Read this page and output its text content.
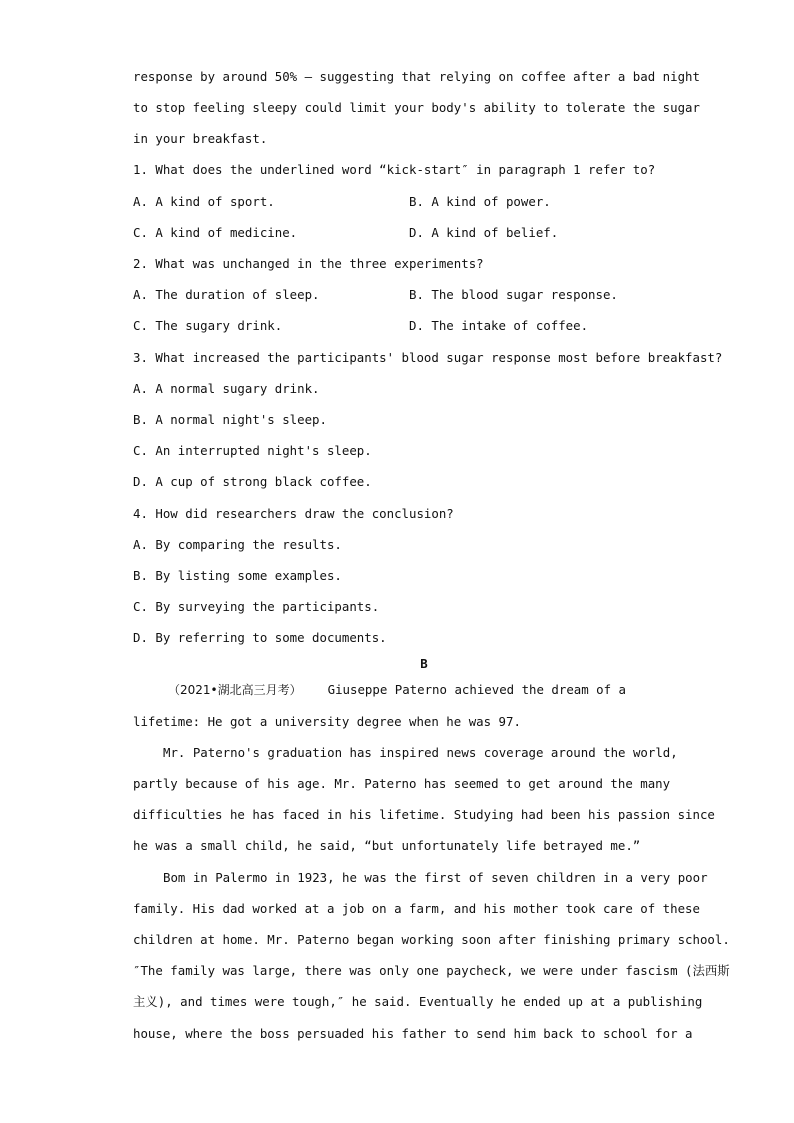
response by around 50% — suggesting that relying on coffee after a bad night
to stop feeling sleepy could limit your body's ability to tolerate the sugar
in your breakfast.
1. What does the underlined word “kick-start″ in paragraph 1 refer to?
A. A kind of sport.	B. A kind of power.
C. A kind of medicine.	D. A kind of belief.
2. What was unchanged in the three experiments?
A. The duration of sleep.	B. The blood sugar response.
C. The sugary drink.	D. The intake of coffee.
3. What increased the participants' blood sugar response most before breakfast?
A. A normal sugary drink.
B. A normal night's sleep.
C. An interrupted night's sleep.
D. A cup of strong black coffee.
4. How did researchers draw the conclusion?
A. By comparing the results.
B. By listing some examples.
C. By surveying the participants.
D. By referring to some documents.
B
（2021•湖北高三月考） Giuseppe Paterno achieved the dream of a
lifetime: He got a university degree when he was 97.
Mr. Paterno's graduation has inspired news coverage around the world,
partly because of his age. Mr. Paterno has seemed to get around the many
difficulties he has faced in his lifetime. Studying had been his passion since
he was a small child, he said, “but unfortunately life betrayed me.”
Bom in Palermo in 1923, he was the first of seven children in a very poor
family. His dad worked at a job on a farm, and his mother took care of these
children at home. Mr. Paterno began working soon after finishing primary school.
″The family was large, there was only one paycheck, we were under fascism (法西斯
主义), and times were tough,″ he said. Eventually he ended up at a publishing
house, where the boss persuaded his father to send him back to school for a
